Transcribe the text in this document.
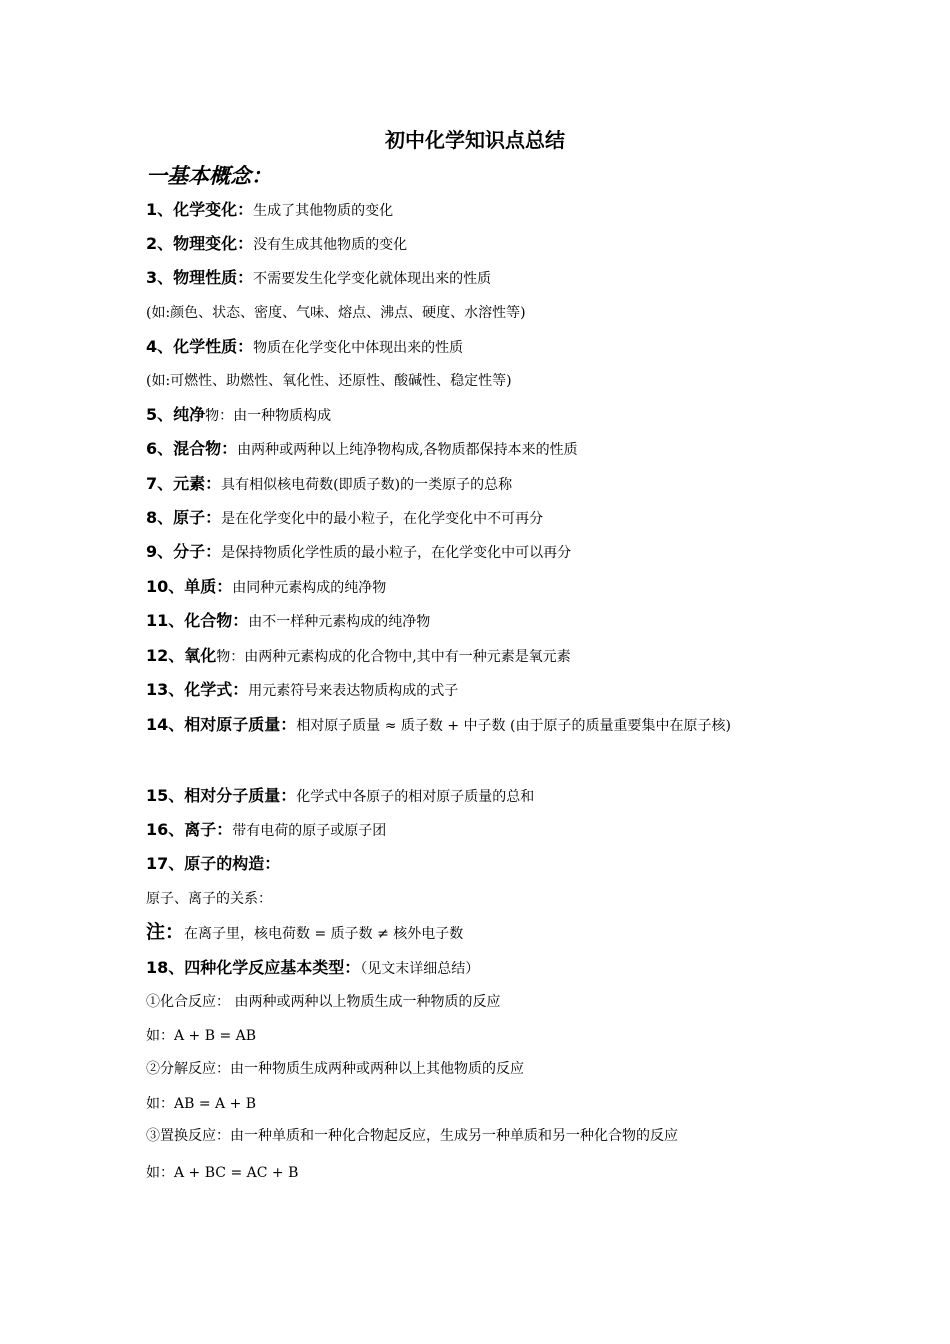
初中化学知识点总结
一基本概念：
1、化学变化：生成了其他物质的变化
2、物理变化：没有生成其他物质的变化
3、物理性质：不需要发生化学变化就体现出来的性质
(如:颜色、状态、密度、气味、熔点、沸点、硬度、水溶性等)
4、化学性质：物质在化学变化中体现出来的性质
(如:可燃性、助燃性、氧化性、还原性、酸碱性、稳定性等)
5、纯净物：由一种物质构成
6、混合物：由两种或两种以上纯净物构成,各物质都保持本来的性质
7、元素：具有相似核电荷数(即质子数)的一类原子的总称
8、原子：是在化学变化中的最小粒子，在化学变化中不可再分
9、分子：是保持物质化学性质的最小粒子，在化学变化中可以再分
10、单质：由同种元素构成的纯净物
11、化合物：由不一样种元素构成的纯净物
12、氧化物：由两种元素构成的化合物中,其中有一种元素是氧元素
13、化学式：用元素符号来表达物质构成的式子
14、相对原子质量：相对原子质量 ≈ 质子数 + 中子数 (由于原子的质量重要集中在原子核)
15、相对分子质量：化学式中各原子的相对原子质量的总和
16、离子：带有电荷的原子或原子团
17、原子的构造：
原子、离子的关系：
注：在离子里，核电荷数 = 质子数 ≠ 核外电子数
18、四种化学反应基本类型：（见文末详细总结）
①化合反应： 由两种或两种以上物质生成一种物质的反应
如：A + B = AB
②分解反应：由一种物质生成两种或两种以上其他物质的反应
如：AB = A + B
③置换反应：由一种单质和一种化合物起反应，生成另一种单质和另一种化合物的反应
如：A + BC = AC + B
